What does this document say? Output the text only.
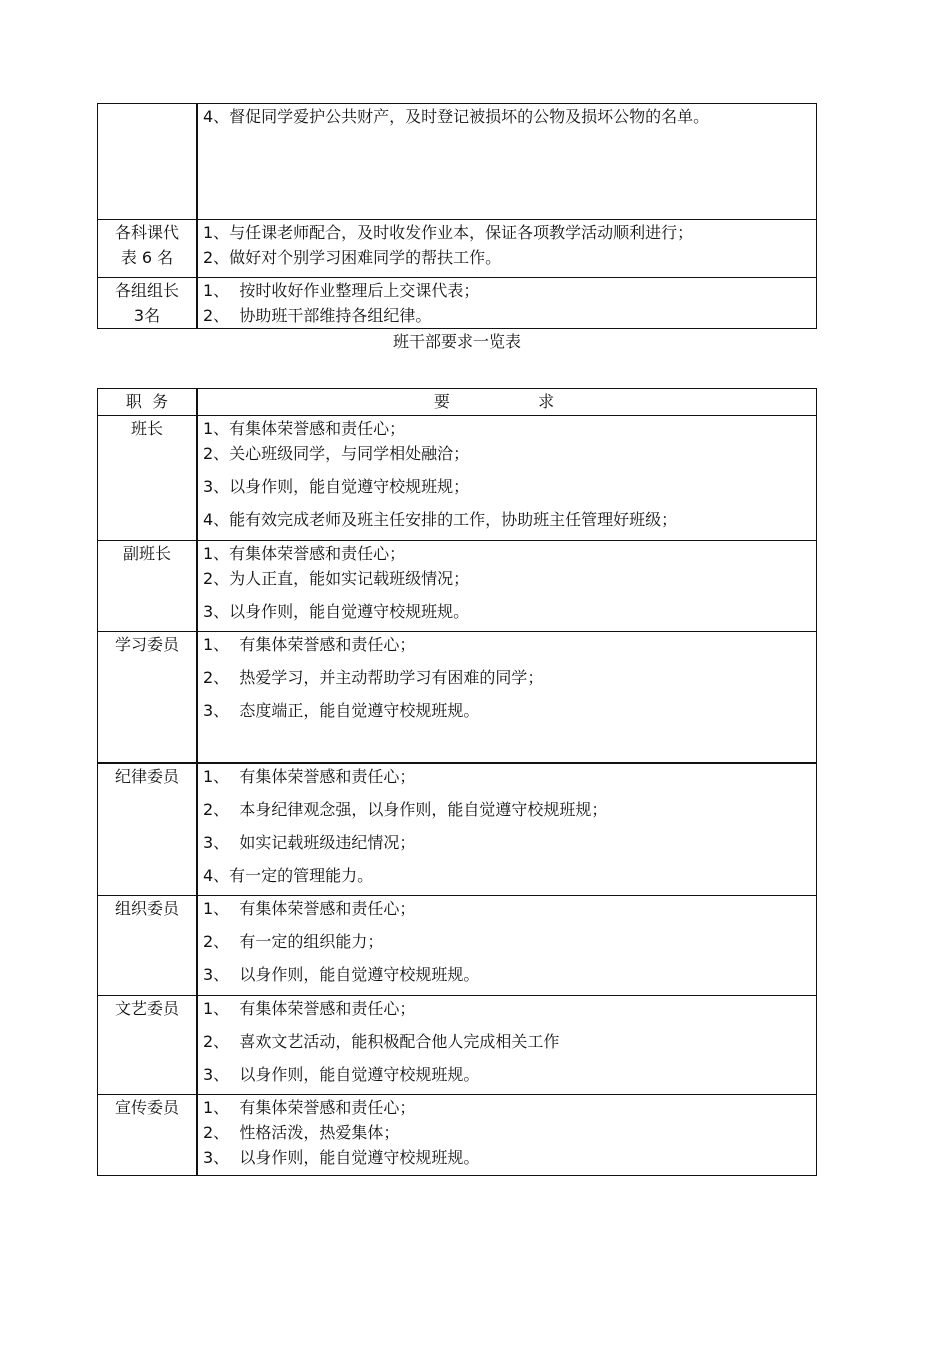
	4、督促同学爱护公共财产，及时登记被损坏的公物及损坏公物的名单。

各科课代
表 6 名	1、与任课老师配合，及时收发作业本，保证各项教学活动顺利进行；
2、做好对个别学习困难同学的帮扶工作。

各组组长
3名	1、  按时收好作业整理后上交课代表；
2、  协助班干部维持各组纪律。
班干部要求一览表
职  务	要  求

班长	1、有集体荣誉感和责任心；
2、关心班级同学，与同学相处融洽；
3、以身作则，能自觉遵守校规班规；
4、能有效完成老师及班主任安排的工作，协助班主任管理好班级；

副班长	1、有集体荣誉感和责任心；
2、为人正直，能如实记载班级情况；
3、以身作则，能自觉遵守校规班规。

学习委员	1、  有集体荣誉感和责任心；
2、  热爱学习，并主动帮助学习有困难的同学；
3、  态度端正，能自觉遵守校规班规。

纪律委员	1、  有集体荣誉感和责任心；
2、  本身纪律观念强，以身作则，能自觉遵守校规班规；
3、  如实记载班级违纪情况；
4、有一定的管理能力。

组织委员	1、  有集体荣誉感和责任心；
2、  有一定的组织能力；
3、  以身作则，能自觉遵守校规班规。

文艺委员	1、  有集体荣誉感和责任心；
2、  喜欢文艺活动，能积极配合他人完成相关工作
3、  以身作则，能自觉遵守校规班规。

宣传委员	1、  有集体荣誉感和责任心；
2、  性格活泼，热爱集体；
3、  以身作则，能自觉遵守校规班规。
